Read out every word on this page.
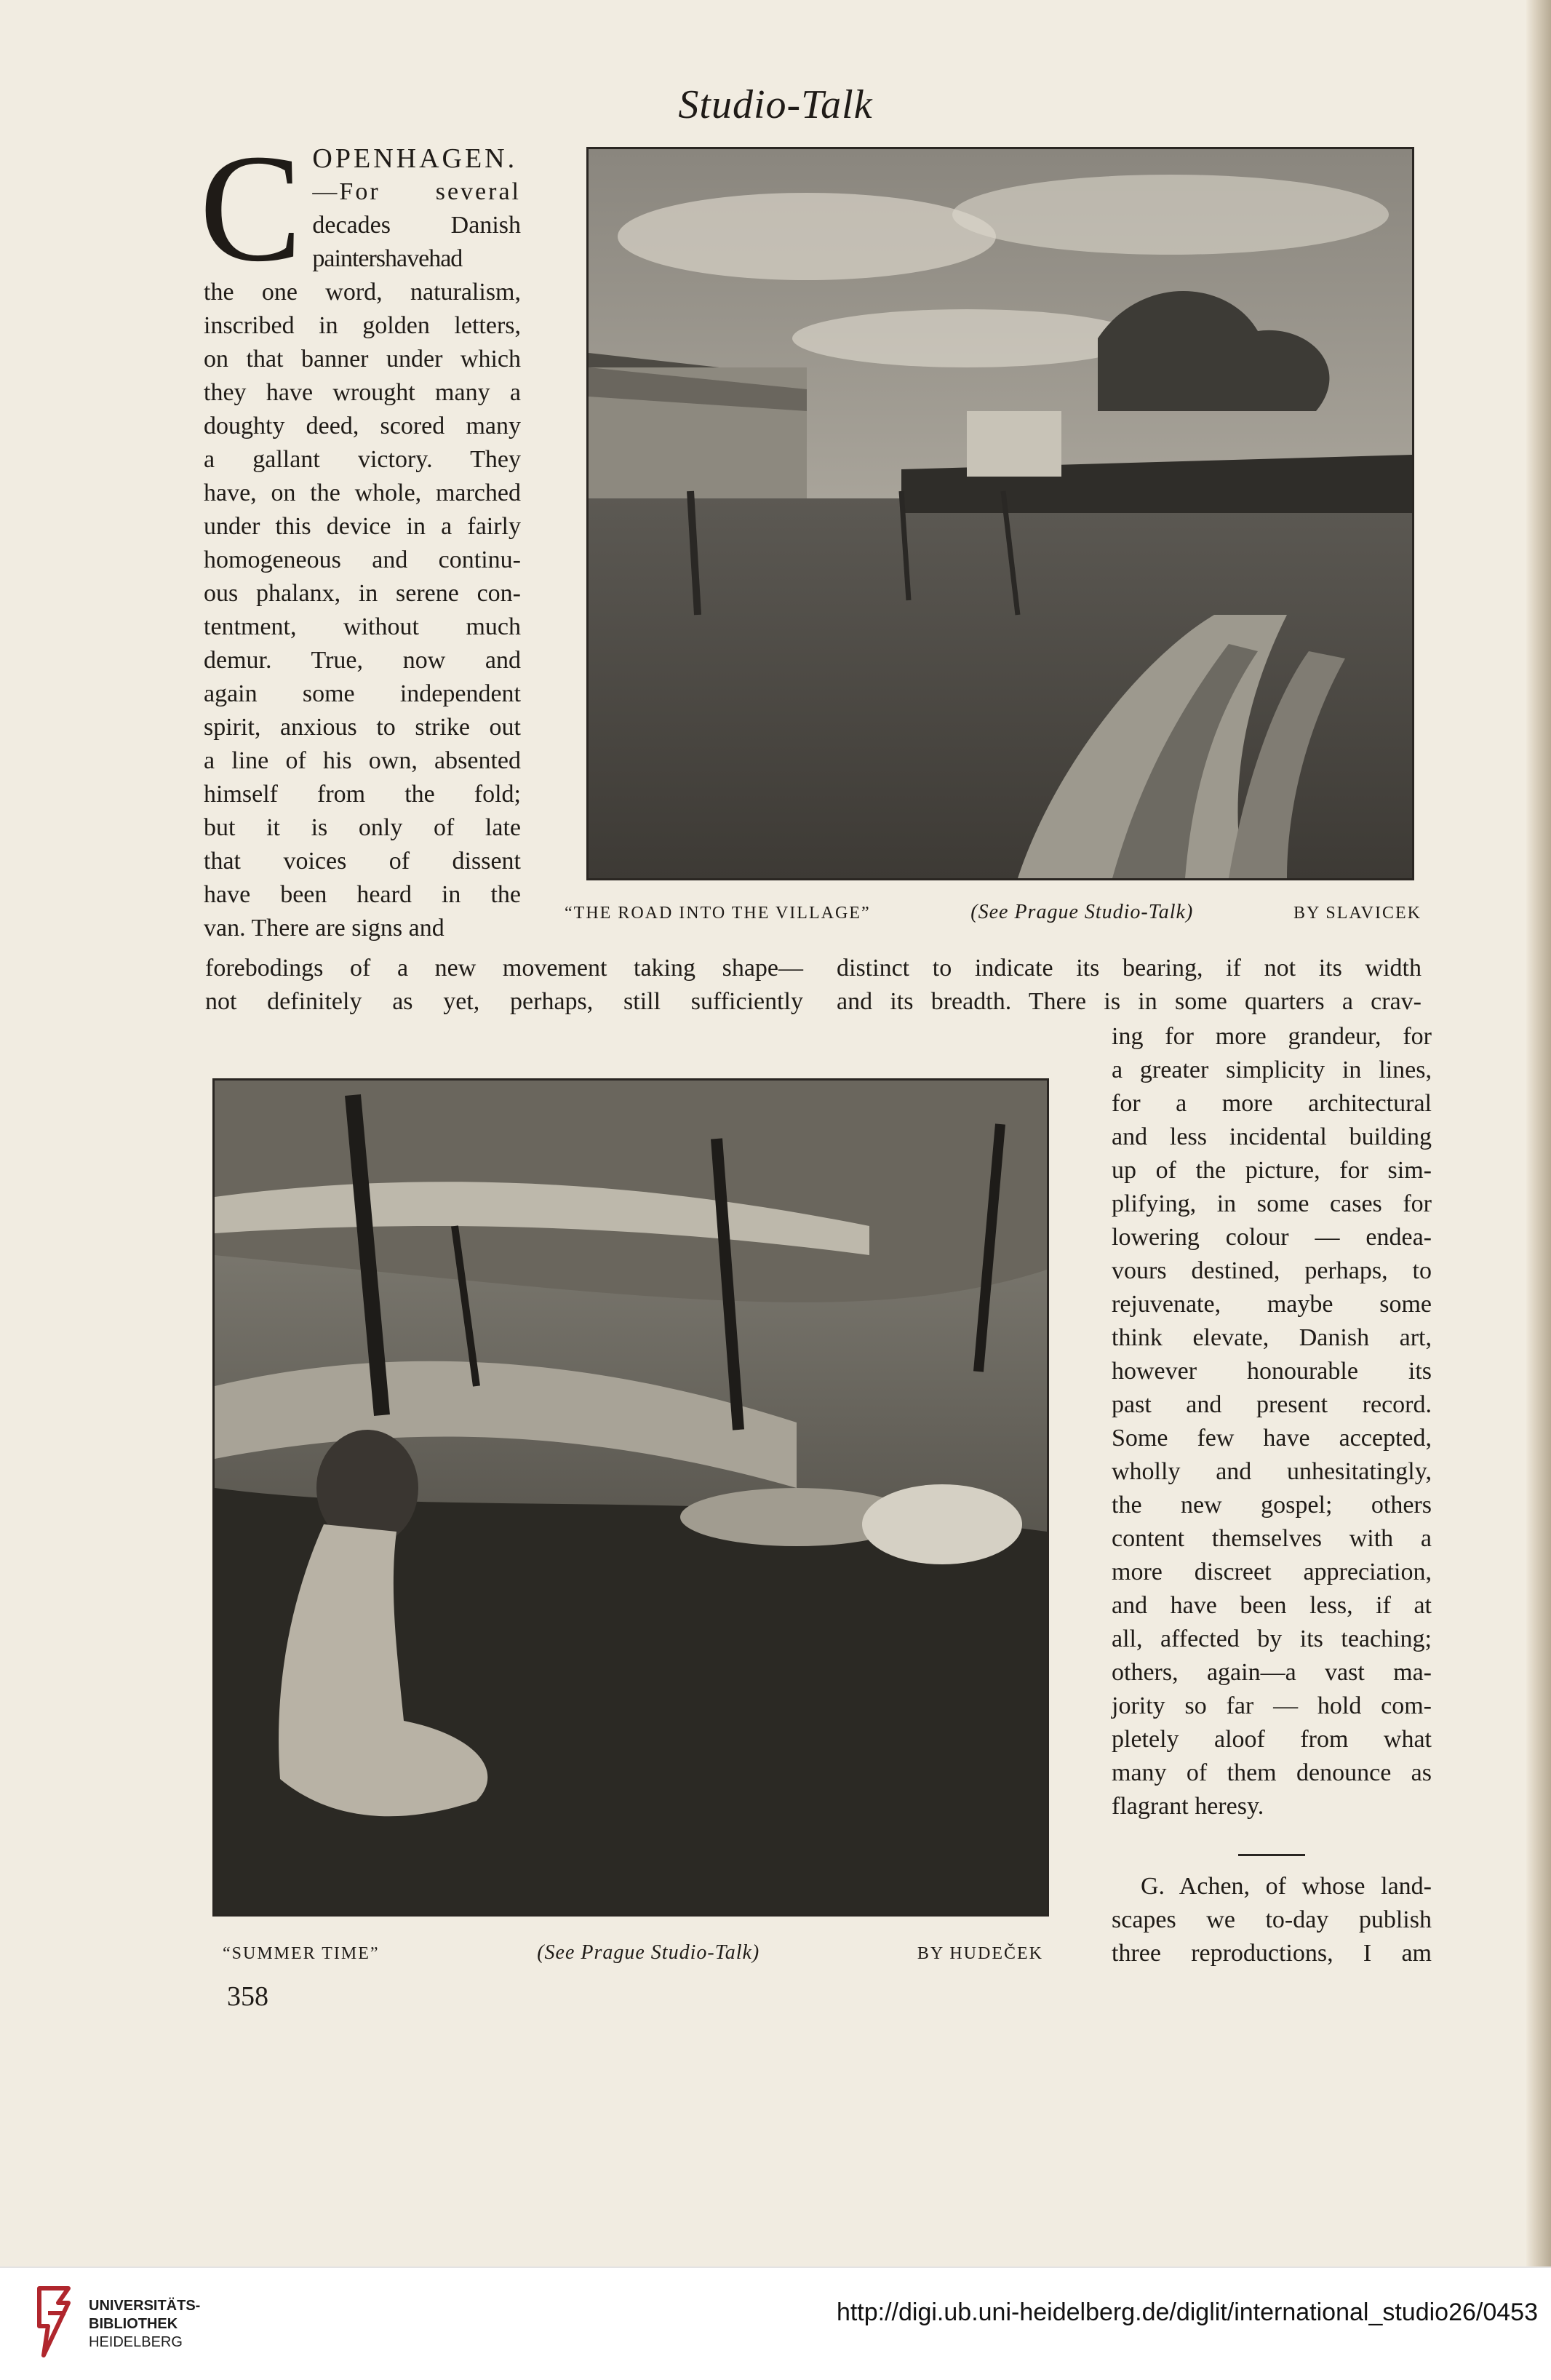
Studio-Talk
C OPENHAGEN.
—For several
decades Danish
paintershavehad
the one word, naturalism,
inscribed in golden letters,
on that banner under which
they have wrought many a
doughty deed, scored many
a gallant victory. They
have, on the whole, marched
under this device in a fairly
homogeneous and continu-
ous phalanx, in serene con-
tentment, without much
demur. True, now and
again some independent
spirit, anxious to strike out
a line of his own, absented
himself from the fold;
but it is only of late
that voices of dissent
have been heard in the
van. There are signs and
“THE ROAD INTO THE VILLAGE”	(See Prague Studio-Talk)	BY SLAVICEK
forebodings of a new movement taking shape—
not definitely as yet, perhaps, still sufficiently
distinct to indicate its bearing, if not its width
and its breadth. There is in some quarters a crav-
“SUMMER TIME”	(See Prague Studio-Talk)	BY HUDEČEK
ing for more grandeur, for
a greater simplicity in lines,
for a more architectural
and less incidental building
up of the picture, for sim-
plifying, in some cases for
lowering colour — endea-
vours destined, perhaps, to
rejuvenate, maybe some
think elevate, Danish art,
however honourable its
past and present record.
Some few have accepted,
wholly and unhesitatingly,
the new gospel; others
content themselves with a
more discreet appreciation,
and have been less, if at
all, affected by its teaching;
others, again—a vast ma-
jority so far — hold com-
pletely aloof from what
many of them denounce as
flagrant heresy.
G. Achen, of whose land-
scapes we to-day publish
three reproductions, I am
358
UNIVERSITÄTS-
BIBLIOTHEK
HEIDELBERG
http://digi.ub.uni-heidelberg.de/diglit/international_studio26/0453
